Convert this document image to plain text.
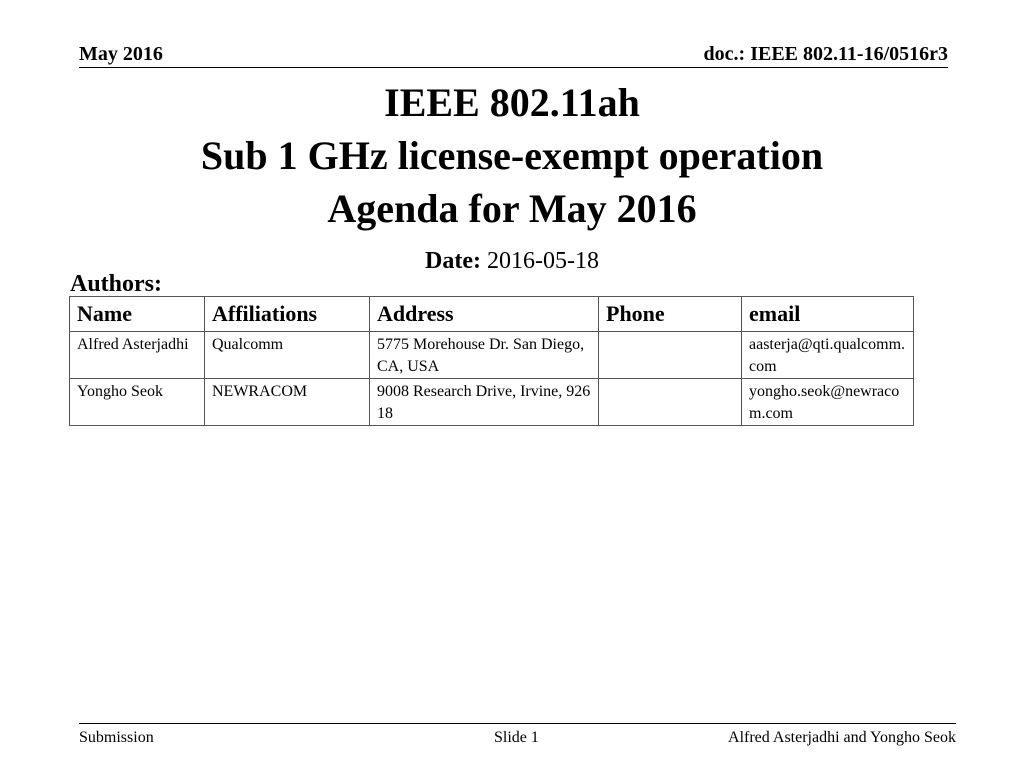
May 2016	doc.: IEEE 802.11-16/0516r3
IEEE 802.11ah
Sub 1 GHz license-exempt operation
Agenda for May 2016
Date: 2016-05-18
Authors:
Name	Affiliations	Address	Phone	email
Alfred Asterjadhi	Qualcomm	5775 Morehouse Dr. San Diego, CA, USA		aasterja@qti.qualcomm.com
Yongho Seok	NEWRACOM	9008 Research Drive, Irvine, 92618		yongho.seok@newracom.com
Submission	Slide 1	Alfred Asterjadhi and Yongho Seok
